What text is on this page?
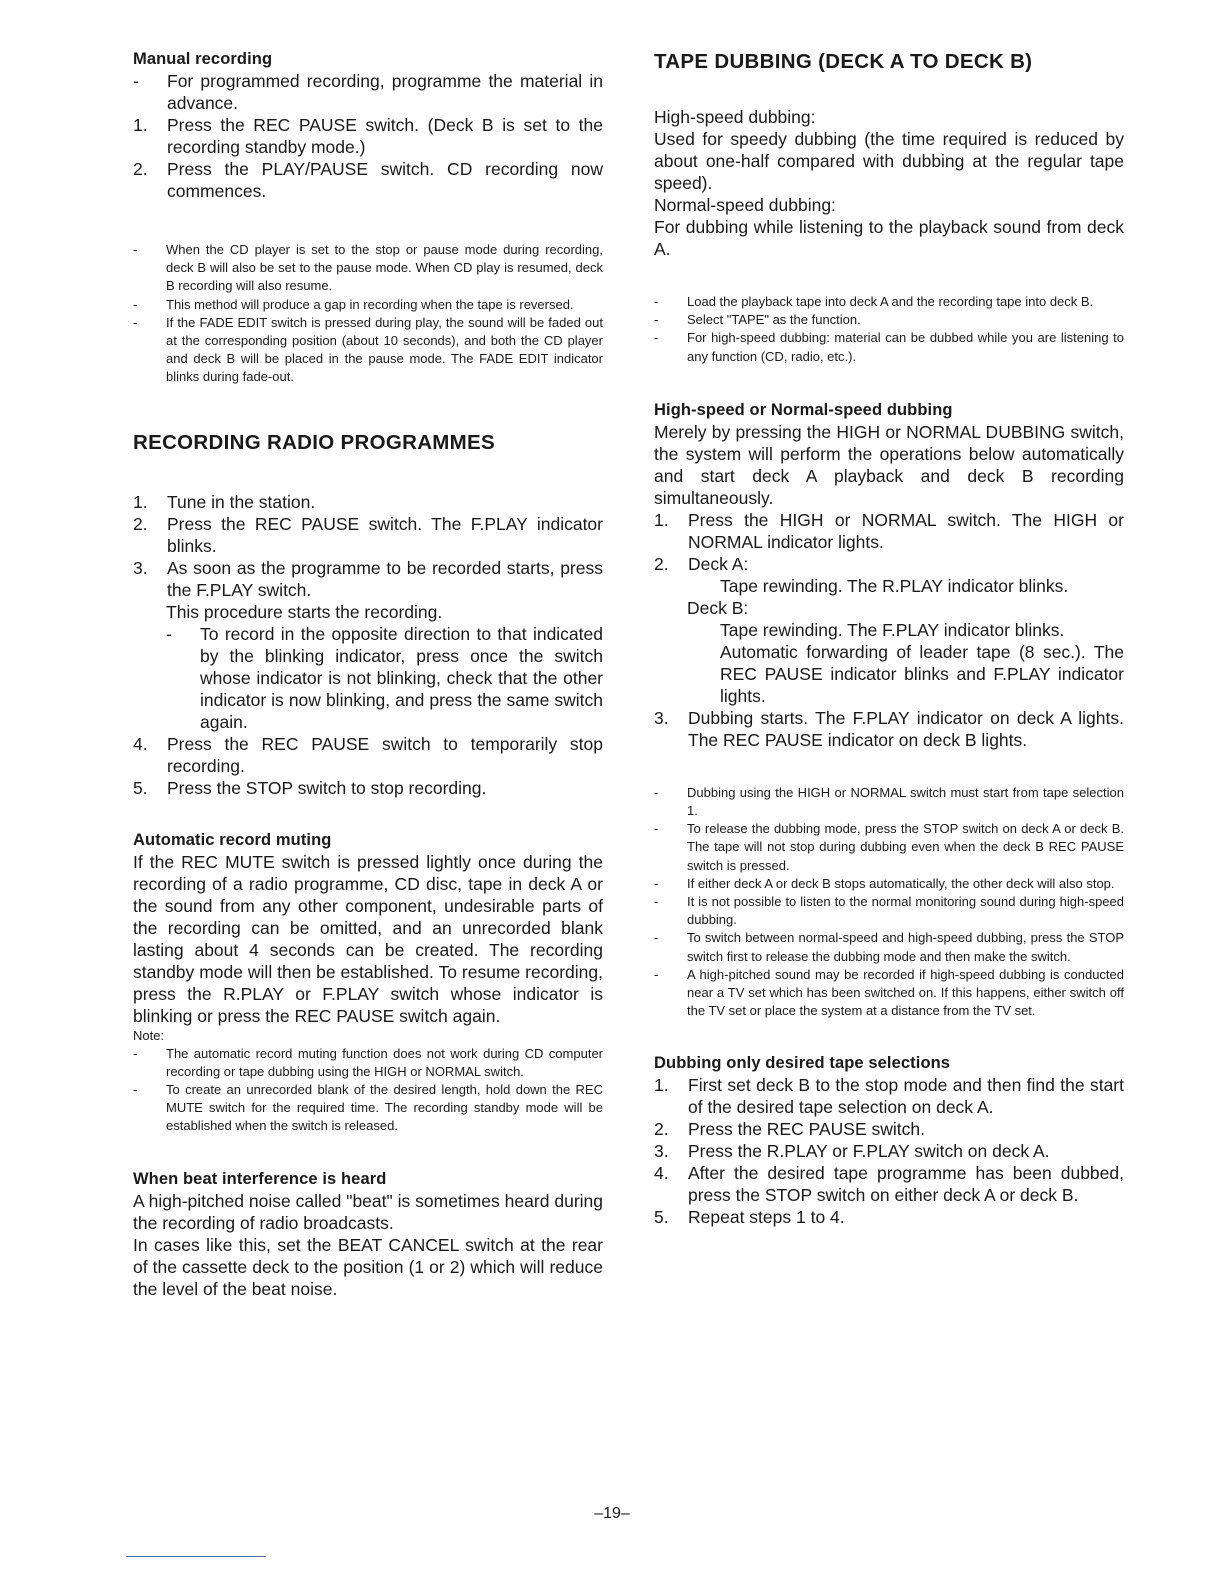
Manual recording
-	For programmed recording, programme the material in advance.
1.	Press the REC PAUSE switch. (Deck B is set to the recording standby mode.)
2.	Press the PLAY/PAUSE switch. CD recording now commences.
-	When the CD player is set to the stop or pause mode during recording, deck B will also be set to the pause mode. When CD play is resumed, deck B recording will also resume.
-	This method will produce a gap in recording when the tape is reversed.
-	If the FADE EDIT switch is pressed during play, the sound will be faded out at the corresponding position (about 10 seconds), and both the CD player and deck B will be placed in the pause mode. The FADE EDIT indicator blinks during fade-out.
RECORDING RADIO PROGRAMMES
1.	Tune in the station.
2.	Press the REC PAUSE switch. The F.PLAY indicator blinks.
3.	As soon as the programme to be recorded starts, press the F.PLAY switch.

This procedure starts the recording.

-	To record in the opposite direction to that indicated by the blinking indicator, press once the switch whose indicator is not blinking, check that the other indicator is now blinking, and press the same switch again.
4.	Press the REC PAUSE switch to temporarily stop recording.
5.	Press the STOP switch to stop recording.
Automatic record muting

If the REC MUTE switch is pressed lightly once during the recording of a radio programme, CD disc, tape in deck A or the sound from any other component, undesirable parts of the recording can be omitted, and an unrecorded blank lasting about 4 seconds can be created. The recording standby mode will then be established. To resume recording, press the R.PLAY or F.PLAY switch whose indicator is blinking or press the REC PAUSE switch again.

Note:

-	The automatic record muting function does not work during CD computer recording or tape dubbing using the HIGH or NORMAL switch.
-	To create an unrecorded blank of the desired length, hold down the REC MUTE switch for the required time. The recording standby mode will be established when the switch is released.
When beat interference is heard

A high-pitched noise called "beat" is sometimes heard during the recording of radio broadcasts.

In cases like this, set the BEAT CANCEL switch at the rear of the cassette deck to the position (1 or 2) which will reduce the level of the beat noise.

TAPE DUBBING (DECK A TO DECK B)

High-speed dubbing:

Used for speedy dubbing (the time required is reduced by about one-half compared with dubbing at the regular tape speed).

Normal-speed dubbing:

For dubbing while listening to the playback sound from deck A.

-	Load the playback tape into deck A and the recording tape into deck B.
-	Select "TAPE" as the function.
-	For high-speed dubbing: material can be dubbed while you are listening to any function (CD, radio, etc.).
High-speed or Normal-speed dubbing

Merely by pressing the HIGH or NORMAL DUBBING switch, the system will perform the operations below automatically and start deck A playback and deck B recording simultaneously.

1.	Press the HIGH or NORMAL switch. The HIGH or NORMAL indicator lights.
2.	Deck A:

Tape rewinding. The R.PLAY indicator blinks.

Deck B:

Tape rewinding. The F.PLAY indicator blinks.

Automatic forwarding of leader tape (8 sec.). The REC PAUSE indicator blinks and F.PLAY indicator lights.

3.	Dubbing starts. The F.PLAY indicator on deck A lights. The REC PAUSE indicator on deck B lights.
-	Dubbing using the HIGH or NORMAL switch must start from tape selection 1.
-	To release the dubbing mode, press the STOP switch on deck A or deck B. The tape will not stop during dubbing even when the deck B REC PAUSE switch is pressed.
-	If either deck A or deck B stops automatically, the other deck will also stop.
-	It is not possible to listen to the normal monitoring sound during high-speed dubbing.
-	To switch between normal-speed and high-speed dubbing, press the STOP switch first to release the dubbing mode and then make the switch.
-	A high-pitched sound may be recorded if high-speed dubbing is conducted near a TV set which has been switched on. If this happens, either switch off the TV set or place the system at a distance from the TV set.
Dubbing only desired tape selections
1.	First set deck B to the stop mode and then find the start of the desired tape selection on deck A.
2.	Press the REC PAUSE switch.
3.	Press the R.PLAY or F.PLAY switch on deck A.
4.	After the desired tape programme has been dubbed, press the STOP switch on either deck A or deck B.
5.	Repeat steps 1 to 4.
–19–
